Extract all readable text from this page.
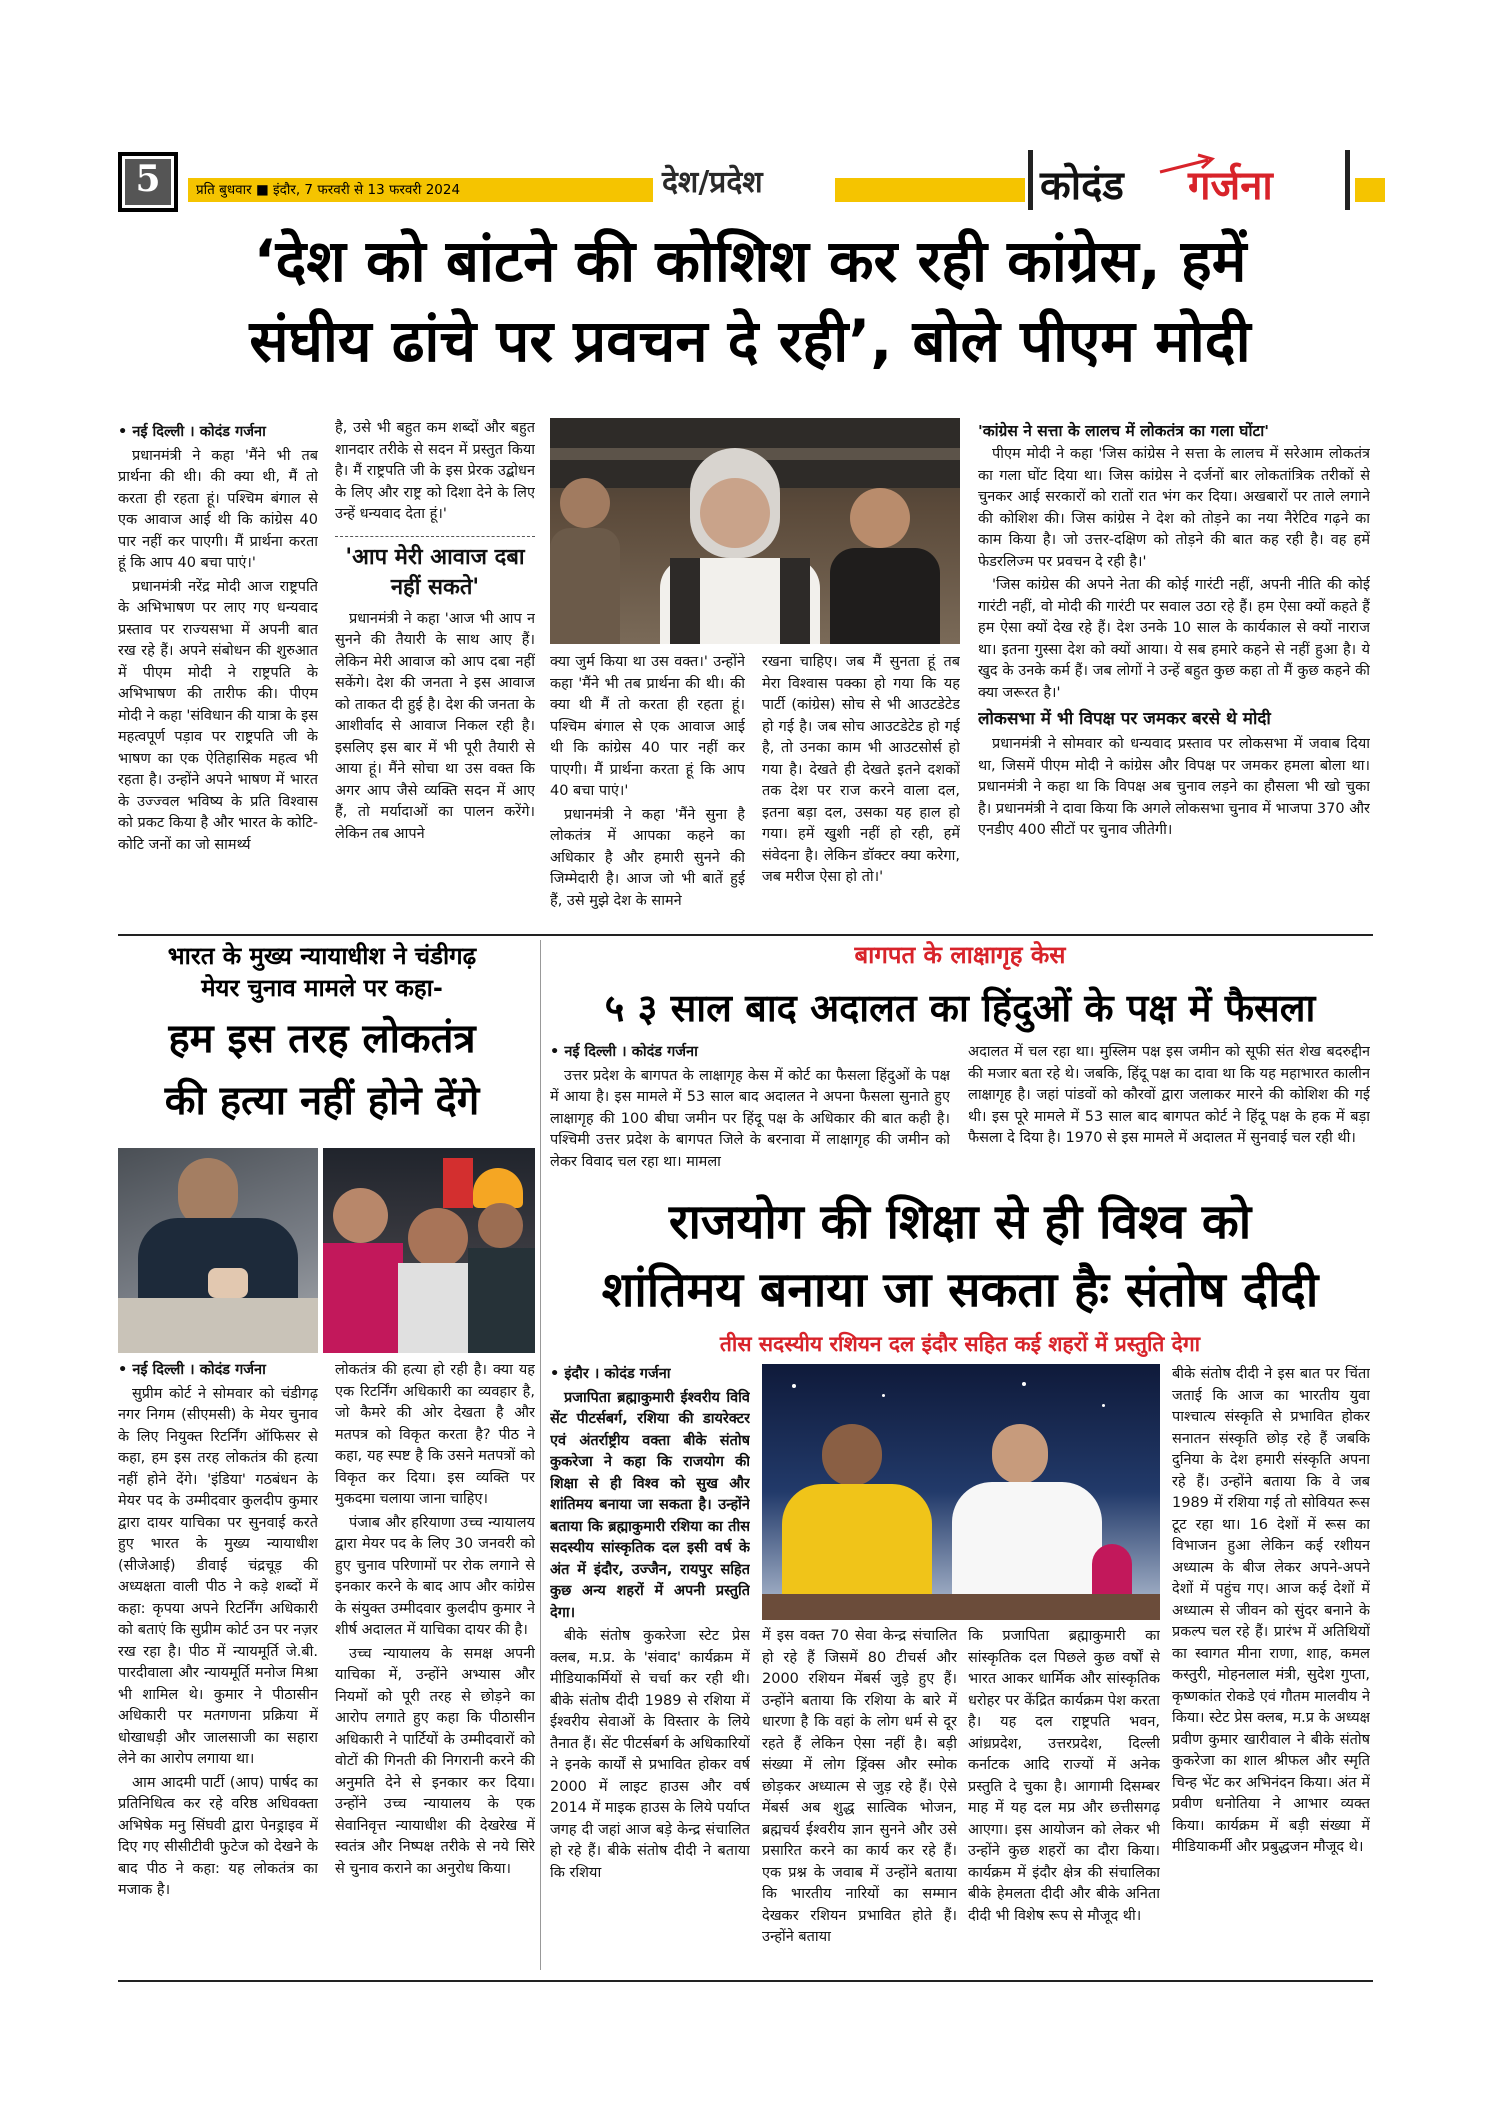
5	प्रति बुधवार ■ इंदौर, 7 फरवरी से 13 फरवरी 2024	देश/प्रदेश	कोदंड गर्जना
‘देश को बांटने की कोशिश कर रही कांग्रेस, हमें
संघीय ढांचे पर प्रवचन दे रही’, बोले पीएम मोदी

• नई दिल्ली । कोदंड गर्जना

प्रधानमंत्री ने कहा 'मैंने भी तब प्रार्थना की थी। की क्या थी, मैं तो करता ही रहता हूं। पश्चिम बंगाल से एक आवाज आई थी कि कांग्रेस 40 पार नहीं कर पाएगी। मैं प्रार्थना करता हूं कि आप 40 बचा पाएं।'

प्रधानमंत्री नरेंद्र मोदी आज राष्ट्रपति के अभिभाषण पर लाए गए धन्यवाद प्रस्ताव पर राज्यसभा में अपनी बात रख रहे हैं। अपने संबोधन की शुरुआत में पीएम मोदी ने राष्ट्रपति के अभिभाषण की तारीफ की। पीएम मोदी ने कहा 'संविधान की यात्रा के इस महत्वपूर्ण पड़ाव पर राष्ट्रपति जी के भाषण का एक ऐतिहासिक महत्व भी रहता है। उन्होंने अपने भाषण में भारत के उज्ज्वल भविष्य के प्रति विश्वास को प्रकट किया है और भारत के कोटि-कोटि जनों का जो सामर्थ्य

है, उसे भी बहुत कम शब्दों और बहुत शानदार तरीके से सदन में प्रस्तुत किया है। मैं राष्ट्रपति जी के इस प्रेरक उद्बोधन के लिए और राष्ट्र को दिशा देने के लिए उन्हें धन्यवाद देता हूं।'

'आप मेरी आवाज दबा नहीं सकते'

प्रधानमंत्री ने कहा 'आज भी आप न सुनने की तैयारी के साथ आए हैं। लेकिन मेरी आवाज को आप दबा नहीं सकेंगे। देश की जनता ने इस आवाज को ताकत दी हुई है। देश की जनता के आशीर्वाद से आवाज निकल रही है। इसलिए इस बार में भी पूरी तैयारी से आया हूं। मैंने सोचा था उस वक्त कि अगर आप जैसे व्यक्ति सदन में आए हैं, तो मर्यादाओं का पालन करेंगे। लेकिन तब आपने

क्या जुर्म किया था उस वक्त।' उन्होंने कहा 'मैंने भी तब प्रार्थना की थी। की क्या थी मैं तो करता ही रहता हूं। पश्चिम बंगाल से एक आवाज आई थी कि कांग्रेस 40 पार नहीं कर पाएगी। मैं प्रार्थना करता हूं कि आप 40 बचा पाएं।'

प्रधानमंत्री ने कहा 'मैंने सुना है लोकतंत्र में आपका कहने का अधिकार है और हमारी सुनने की जिम्मेदारी है। आज जो भी बातें हुई हैं, उसे मुझे देश के सामने

रखना चाहिए। जब मैं सुनता हूं तब मेरा विश्वास पक्का हो गया कि यह पार्टी (कांग्रेस) सोच से भी आउटडेटेड हो गई है। जब सोच आउटडेटेड हो गई है, तो उनका काम भी आउटसोर्स हो गया है। देखते ही देखते इतने दशकों तक देश पर राज करने वाला दल, इतना बड़ा दल, उसका यह हाल हो गया। हमें खुशी नहीं हो रही, हमें संवेदना है। लेकिन डॉक्टर क्या करेगा, जब मरीज ऐसा हो तो।'

'कांग्रेस ने सत्ता के लालच में लोकतंत्र का गला घोंटा'

पीएम मोदी ने कहा 'जिस कांग्रेस ने सत्ता के लालच में सरेआम लोकतंत्र का गला घोंट दिया था। जिस कांग्रेस ने दर्जनों बार लोकतांत्रिक तरीकों से चुनकर आई सरकारों को रातों रात भंग कर दिया। अखबारों पर ताले लगाने की कोशिश की। जिस कांग्रेस ने देश को तोड़ने का नया नैरेटिव गढ़ने का काम किया है। जो उत्तर-दक्षिण को तोड़ने की बात कह रही है। वह हमें फेडरलिज्म पर प्रवचन दे रही है।'

'जिस कांग्रेस की अपने नेता की कोई गारंटी नहीं, अपनी नीति की कोई गारंटी नहीं, वो मोदी की गारंटी पर सवाल उठा रहे हैं। हम ऐसा क्यों कहते हैं हम ऐसा क्यों देख रहे हैं। देश उनके 10 साल के कार्यकाल से क्यों नाराज था। इतना गुस्सा देश को क्यों आया। ये सब हमारे कहने से नहीं हुआ है। ये खुद के उनके कर्म हैं। जब लोगों ने उन्हें बहुत कुछ कहा तो मैं कुछ कहने की क्या जरूरत है।'

लोकसभा में भी विपक्ष पर जमकर बरसे थे मोदी

प्रधानमंत्री ने सोमवार को धन्यवाद प्रस्ताव पर लोकसभा में जवाब दिया था, जिसमें पीएम मोदी ने कांग्रेस और विपक्ष पर जमकर हमला बोला था। प्रधानमंत्री ने कहा था कि विपक्ष अब चुनाव लड़ने का हौसला भी खो चुका है। प्रधानमंत्री ने दावा किया कि अगले लोकसभा चुनाव में भाजपा 370 और एनडीए 400 सीटों पर चुनाव जीतेगी।

भारत के मुख्य न्यायाधीश ने चंडीगढ़
मेयर चुनाव मामले पर कहा-
हम इस तरह लोकतंत्र
की हत्या नहीं होने देंगे

• नई दिल्ली । कोदंड गर्जना

सुप्रीम कोर्ट ने सोमवार को चंडीगढ़ नगर निगम (सीएमसी) के मेयर चुनाव के लिए नियुक्त रिटर्निंग ऑफिसर से कहा, हम इस तरह लोकतंत्र की हत्या नहीं होने देंगे। 'इंडिया' गठबंधन के मेयर पद के उम्मीदवार कुलदीप कुमार द्वारा दायर याचिका पर सुनवाई करते हुए भारत के मुख्य न्यायाधीश (सीजेआई) डीवाई चंद्रचूड़ की अध्यक्षता वाली पीठ ने कड़े शब्दों में कहा: कृपया अपने रिटर्निंग अधिकारी को बताएं कि सुप्रीम कोर्ट उन पर नज़र रख रहा है। पीठ में न्यायमूर्ति जे.बी. पारदीवाला और न्यायमूर्ति मनोज मिश्रा भी शामिल थे। कुमार ने पीठासीन अधिकारी पर मतगणना प्रक्रिया में धोखाधड़ी और जालसाजी का सहारा लेने का आरोप लगाया था।

आम आदमी पार्टी (आप) पार्षद का प्रतिनिधित्व कर रहे वरिष्ठ अधिवक्ता अभिषेक मनु सिंघवी द्वारा पेनड्राइव में दिए गए सीसीटीवी फुटेज को देखने के बाद पीठ ने कहा: यह लोकतंत्र का मजाक है।

लोकतंत्र की हत्या हो रही है। क्या यह एक रिटर्निंग अधिकारी का व्यवहार है, जो कैमरे की ओर देखता है और मतपत्र को विकृत करता है? पीठ ने कहा, यह स्पष्ट है कि उसने मतपत्रों को विकृत कर दिया। इस व्यक्ति पर मुकदमा चलाया जाना चाहिए।

पंजाब और हरियाणा उच्च न्यायालय द्वारा मेयर पद के लिए 30 जनवरी को हुए चुनाव परिणामों पर रोक लगाने से इनकार करने के बाद आप और कांग्रेस के संयुक्त उम्मीदवार कुलदीप कुमार ने शीर्ष अदालत में याचिका दायर की है।

उच्च न्यायालय के समक्ष अपनी याचिका में, उन्होंने अभ्यास और नियमों को पूरी तरह से छोड़ने का आरोप लगाते हुए कहा कि पीठासीन अधिकारी ने पार्टियों के उम्मीदवारों को वोटों की गिनती की निगरानी करने की अनुमति देने से इनकार कर दिया। उन्होंने उच्च न्यायालय के एक सेवानिवृत्त न्यायाधीश की देखरेख में स्वतंत्र और निष्पक्ष तरीके से नये सिरे से चुनाव कराने का अनुरोध किया।

बागपत के लाक्षागृह केस
५ ३ साल बाद अदालत का हिंदुओं के पक्ष में फैसला

• नई दिल्ली । कोदंड गर्जना

उत्तर प्रदेश के बागपत के लाक्षागृह केस में कोर्ट का फैसला हिंदुओं के पक्ष में आया है। इस मामले में 53 साल बाद अदालत ने अपना फैसला सुनाते हुए लाक्षागृह की 100 बीघा जमीन पर हिंदू पक्ष के अधिकार की बात कही है। पश्चिमी उत्तर प्रदेश के बागपत जिले के बरनावा में लाक्षागृह की जमीन को लेकर विवाद चल रहा था। मामला

अदालत में चल रहा था। मुस्लिम पक्ष इस जमीन को सूफी संत शेख बदरुद्दीन की मजार बता रहे थे। जबकि, हिंदू पक्ष का दावा था कि यह महाभारत कालीन लाक्षागृह है। जहां पांडवों को कौरवों द्वारा जलाकर मारने की कोशिश की गई थी। इस पूरे मामले में 53 साल बाद बागपत कोर्ट ने हिंदू पक्ष के हक में बड़ा फैसला दे दिया है। 1970 से इस मामले में अदालत में सुनवाई चल रही थी।

राजयोग की शिक्षा से ही विश्व को
शांतिमय बनाया जा सकता हैः संतोष दीदी
तीस सदस्यीय रशियन दल इंदौर सहित कई शहरों में प्रस्तुति देगा

• इंदौर । कोदंड गर्जना

प्रजापिता ब्रह्माकुमारी ईश्वरीय विवि सेंट पीटर्सबर्ग, रशिया की डायरेक्टर एवं अंतर्राष्ट्रीय वक्ता बीके संतोष कुकरेजा ने कहा कि राजयोग की शिक्षा से ही विश्व को सुख और शांतिमय बनाया जा सकता है। उन्होंने बताया कि ब्रह्माकुमारी रशिया का तीस सदस्यीय सांस्कृतिक दल इसी वर्ष के अंत में इंदौर, उज्जैन, रायपुर सहित कुछ अन्य शहरों में अपनी प्रस्तुति देगा।

बीके संतोष कुकरेजा स्टेट प्रेस क्लब, म.प्र. के 'संवाद' कार्यक्रम में मीडियाकर्मियों से चर्चा कर रही थी। बीके संतोष दीदी 1989 से रशिया में ईश्वरीय सेवाओं के विस्तार के लिये तैनात हैं। सेंट पीटर्सबर्ग के अधिकारियों ने इनके कार्यों से प्रभावित होकर वर्ष 2000 में लाइट हाउस और वर्ष 2014 में माइक हाउस के लिये पर्याप्त जगह दी जहां आज बड़े केन्द्र संचालित हो रहे हैं। बीके संतोष दीदी ने बताया कि रशिया

में इस वक्त 70 सेवा केन्द्र संचालित हो रहे हैं जिसमें 80 टीचर्स और 2000 रशियन मेंबर्स जुड़े हुए हैं। उन्होंने बताया कि रशिया के बारे में धारणा है कि वहां के लोग धर्म से दूर रहते हैं लेकिन ऐसा नहीं है। बड़ी संख्या में लोग ड्रिंक्स और स्मोक छोड़कर अध्यात्म से जुड़ रहे हैं। ऐसे मेंबर्स अब शुद्ध सात्विक भोजन, ब्रह्मचर्य ईश्वरीय ज्ञान सुनने और उसे प्रसारित करने का कार्य कर रहे हैं। एक प्रश्न के जवाब में उन्होंने बताया कि भारतीय नारियों का सम्मान देखकर रशियन प्रभावित होते हैं। उन्होंने बताया

कि प्रजापिता ब्रह्माकुमारी का सांस्कृतिक दल पिछले कुछ वर्षों से भारत आकर धार्मिक और सांस्कृतिक धरोहर पर केंद्रित कार्यक्रम पेश करता है। यह दल राष्ट्रपति भवन, आंध्रप्रदेश, उत्तरप्रदेश, दिल्ली कर्नाटक आदि राज्यों में अनेक प्रस्तुति दे चुका है। आगामी दिसम्बर माह में यह दल मप्र और छत्तीसगढ़ आएगा। इस आयोजन को लेकर भी उन्होंने कुछ शहरों का दौरा किया। कार्यक्रम में इंदौर क्षेत्र की संचालिका बीके हेमलता दीदी और बीके अनिता दीदी भी विशेष रूप से मौजूद थी।

बीके संतोष दीदी ने इस बात पर चिंता जताई कि आज का भारतीय युवा पाश्चात्य संस्कृति से प्रभावित होकर सनातन संस्कृति छोड़ रहे हैं जबकि दुनिया के देश हमारी संस्कृति अपना रहे हैं। उन्होंने बताया कि वे जब 1989 में रशिया गई तो सोवियत रूस टूट रहा था। 16 देशों में रूस का विभाजन हुआ लेकिन कई रशीयन अध्यात्म के बीज लेकर अपने-अपने देशों में पहुंच गए। आज कई देशों में अध्यात्म से जीवन को सुंदर बनाने के प्रकल्प चल रहे हैं। प्रारंभ में अतिथियों का स्वागत मीना राणा, शाह, कमल कस्तुरी, मोहनलाल मंत्री, सुदेश गुप्ता, कृष्णकांत रोकडे एवं गौतम मालवीय ने किया। स्टेट प्रेस क्लब, म.प्र के अध्यक्ष प्रवीण कुमार खारीवाल ने बीके संतोष कुकरेजा का शाल श्रीफल और स्मृति चिन्ह भेंट कर अभिनंदन किया। अंत में प्रवीण धनोतिया ने आभार व्यक्त किया। कार्यक्रम में बड़ी संख्या में मीडियाकर्मी और प्रबुद्धजन मौजूद थे।
